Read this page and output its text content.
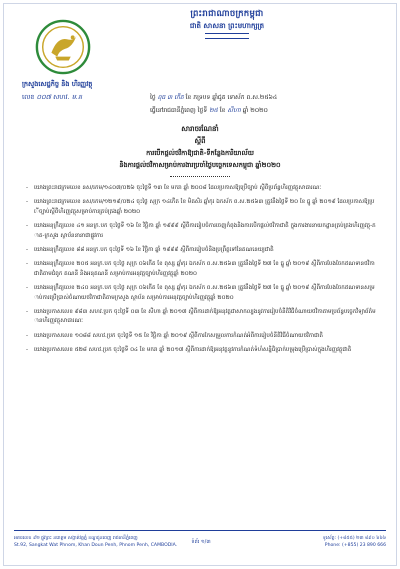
ព្រះរាជាណាចក្រកម្ពុជា
ជាតិ សាសនា ព្រះមហាក្សត្រ
ក្រសួងសេដ្ឋកិច្ច និង ហិរញ្ញវត្ថុ
លេខ ០០៧ សហវ. ម.គ	ថ្ងៃ ពុធ ៣ កើត ខែ ភទ្របទ ឆ្នាំជូត ទោស័ក ព.ស.២៥៦៤
ធ្វើនៅរាជធានីភ្នំពេញ ថ្ងៃទី ២៥ ខែ សីហា ឆ្នាំ ២០២០
សារាចរណែនាំ
ស្តីពី
ការបើកផ្តល់ថវិកាឱ្យជាតិ-ទីកន្លែងការិយាល័យ
និងការផ្តល់ថវិកាសម្រាប់ការងារប្រចាំថ្ងៃបច្ចេកទេសកម្ពុជា ឆ្នាំ២០២០
- យោងព្រះរាជក្រមលេខ នស/រកម/១៤០៧/០២៦ ចុះថ្ងៃទី ១៣ ខែ មករា ឆ្នាំ ២០០៨ ដែលប្រកាសឱ្យប្រើច្បាប់ ស្តីពីប្រព័ន្ធហិរញ្ញវត្ថុសាធារណៈ
- យោងព្រះរាជក្រមលេខ នស/រកម/១២១៩/០២៤ ចុះថ្ងៃ សុក្រ ១៤កើត ខែ មិគសិរ ឆ្នាំកុរ ឯកស័ក ព.ស.២៥៦៣ ត្រូវនឹងថ្ងៃទី ២០ ខែ ធ្នូ ឆ្នាំ ២០១៩ ដែលប្រកាសឱ្យប្រើច្បាប់ស្តីពីហិរញ្ញវត្ថុសម្រាប់ការគ្រប់គ្រងឆ្នាំ ២០២០
- យោងអនុក្រឹត្យលេខ ៤១ អនក្រ.បក ចុះថ្ងៃទី ១៦ ខែ វិច្ឆិកា ឆ្នាំ ១៩៩៩ ស្តីពីការរៀបចំការចេញកំពុងនិងការបើកផ្តល់ថវិកាជាតិ ក្នុងការងារនាយកដ្ឋានគ្រប់គ្រងហិរញ្ញវត្ថុ-ភាគ-ក្រសួង ស្ថាប័ននានាជាផ្លូវការ
- យោងអនុក្រឹត្យលេខ ៨៨ អនក្រ.បក ចុះថ្ងៃទី ១៦ ខែ វិច្ឆិកា ឆ្នាំ ១៩៩៩ ស្តីពីការរៀបចំនិងប្រព្រឹត្តទៅនៃគណនេយ្យជាតិ
- យោងអនុក្រឹត្យលេខ ២០៥ អនក្រ.បក ចុះថ្ងៃ សុក្រ ០៦កើត ខែ ពុស្ស ឆ្នាំកុរ ឯកស័ក ព.ស.២៥៦៣ ត្រូវនឹងថ្ងៃទី ២៧ ខែ ធ្នូ ឆ្នាំ ២០១៩ ស្តីពីការបែងចែកឥណទានថវិកាជាតិតាមជំពូក គណនី និងអនុគណនី សម្រាប់ការអនុវត្តច្បាប់ហិរញ្ញវត្ថុឆ្នាំ ២០២០
- យោងអនុក្រឹត្យលេខ ២៤០ អនក្រ.បក ចុះថ្ងៃ សុក្រ ០៦កើត ខែ ពុស្ស ឆ្នាំកុរ ឯកស័ក ព.ស.២៥៦៣ ត្រូវនឹងថ្ងៃទី ២៧ ខែ ធ្នូ ឆ្នាំ ២០១៩ ស្តីពីការបែងចែកឥណទានសម្រាប់ការប្រើប្រាស់ចំណាយថវិកាជាតិតាមក្រសួង ស្ថាប័ន សម្រាប់ការអនុវត្តច្បាប់ហិរញ្ញវត្ថុឆ្នាំ ២០២០
- យោងប្រកាសលេខ ៩៨៣ សហវ.ប្រក ចុះថ្ងៃទី ០៣ ខែ សីហា ឆ្នាំ ២០១៧ ស្តីពីការដាក់ឱ្យអនុវត្តជាសាកល្បងនូវការរៀបចំនីតិវិធីចំណាយថវិកាតាមប្រព័ន្ធបច្ចេកវិទ្យាព័ត៌មានហិរញ្ញវត្ថុសាធារណៈ
- យោងប្រកាសលេខ ១០៨៨ សហវ.ប្រក ចុះថ្ងៃទី ១៥ ខែ វិច្ឆិកា ឆ្នាំ ២០១៩ ស្តីពីការកែសម្រួលការកំណត់អំពីការរៀបចំនីតិវិធីចំណាយថវិកាជាតិ
- យោងប្រកាសលេខ ៥២៨ សហវ.ប្រក ចុះថ្ងៃទី ០៤ ខែ មករា ឆ្នាំ ២០១៧ ស្តីពីការដាក់ឱ្យអនុវត្តនូវការកំណត់ទំហំសន្និធិប្រាក់បម្រុងប្រើប្រាស់ក្នុងហិរញ្ញវត្ថុជាតិ
អគារលេខ ៩២ ផ្លូវព្រះ នរោត្តម សង្កាត់វត្តភ្នំ ខណ្ឌដូនពេញ រាជធានីភ្នំពេញ
St.92, Sangkat Wat Phnom, Khan Doun Penh, Phnom Penh, CAMBODIA.
ទំព័រ ១/៣
ទូរស័ព្ទ: (+៨៥៥) ២៣ ៨៩០ ៦៦៦
Phone: (+855) 23 890 666
